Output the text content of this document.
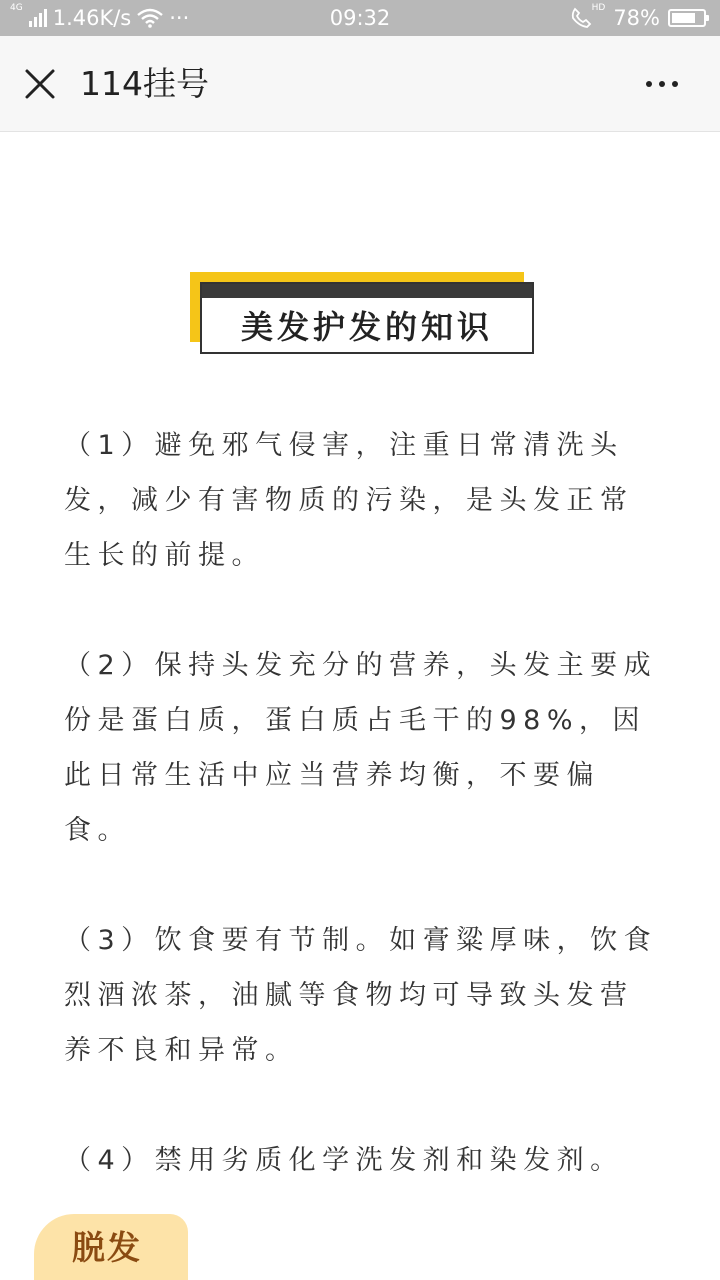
4G 1.46K/s ···	09:32	HD 78%
114挂号
美发护发的知识

（1）避免邪气侵害，注重日常清洗头发，减少有害物质的污染，是头发正常生长的前提。

（2）保持头发充分的营养，头发主要成份是蛋白质，蛋白质占毛干的98%，因此日常生活中应当营养均衡，不要偏食。

（3）饮食要有节制。如膏粱厚味，饮食烈酒浓茶，油腻等食物均可导致头发营养不良和异常。

（4）禁用劣质化学洗发剂和染发剂。

脱发
